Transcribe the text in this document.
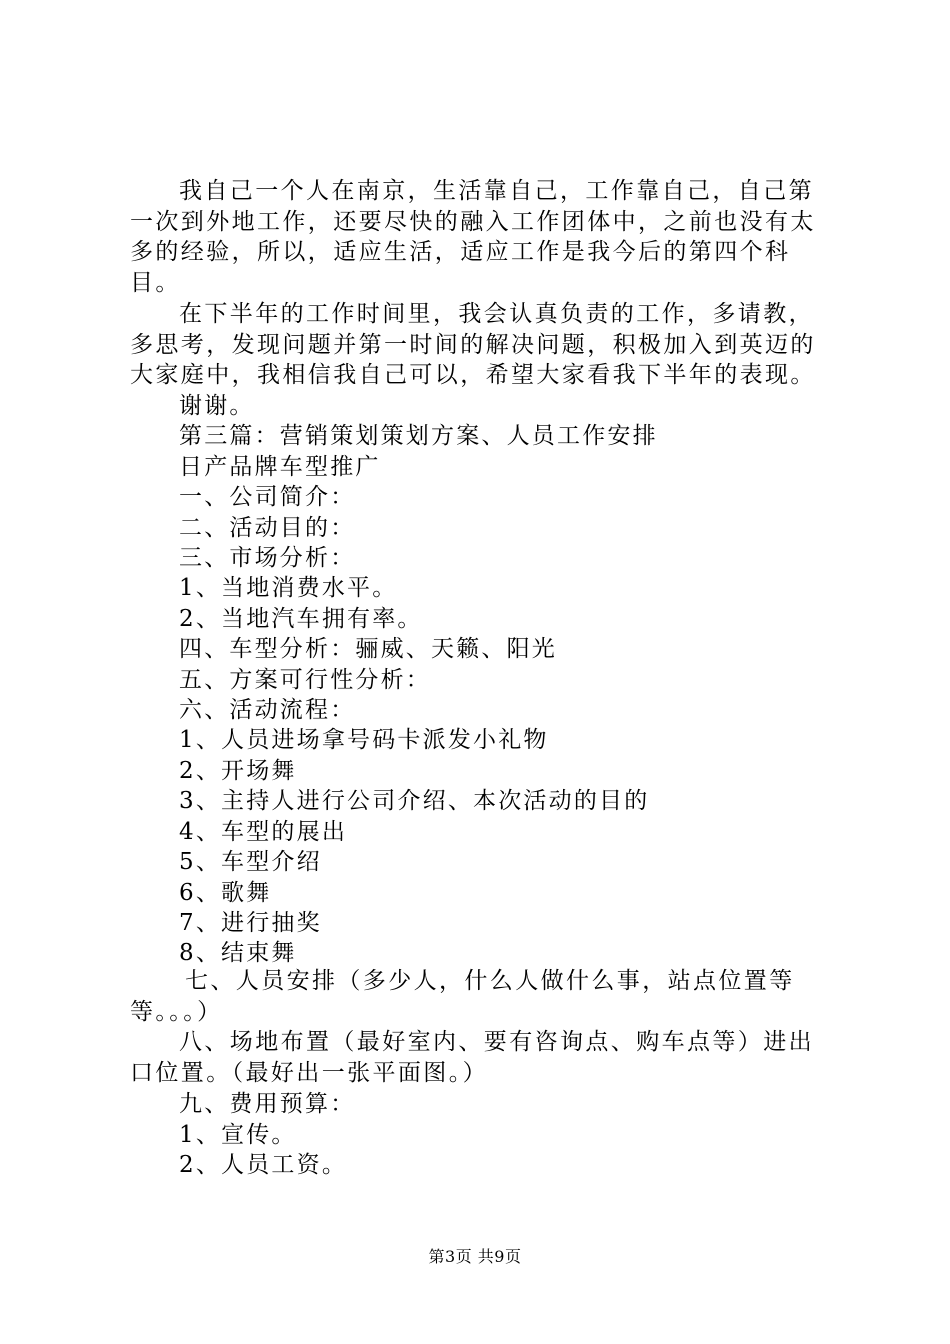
我自己一个人在南京，生活靠自己，工作靠自己，自己第一次到外地工作，还要尽快的融入工作团体中，之前也没有太多的经验，所以，适应生活，适应工作是我今后的第四个科目。

在下半年的工作时间里，我会认真负责的工作，多请教，多思考，发现问题并第一时间的解决问题，积极加入到英迈的大家庭中，我相信我自己可以，希望大家看我下半年的表现。

谢谢。
第三篇：营销策划策划方案、人员工作安排
日产品牌车型推广
一、公司简介：
二、活动目的：
三、市场分析：
1、当地消费水平。
2、当地汽车拥有率。
四、车型分析：骊威、天籁、阳光
五、方案可行性分析：
六、活动流程：
1、人员进场拿号码卡派发小礼物
2、开场舞
3、主持人进行公司介绍、本次活动的目的
4、车型的展出
5、车型介绍
6、歌舞
7、进行抽奖
8、结束舞

七、人员安排（多少人，什么人做什么事，站点位置等等。。。）

八、场地布置（最好室内、要有咨询点、购车点等）进出口位置。（最好出一张平面图。）

九、费用预算：
1、宣传。
2、人员工资。
第3页 共9页
